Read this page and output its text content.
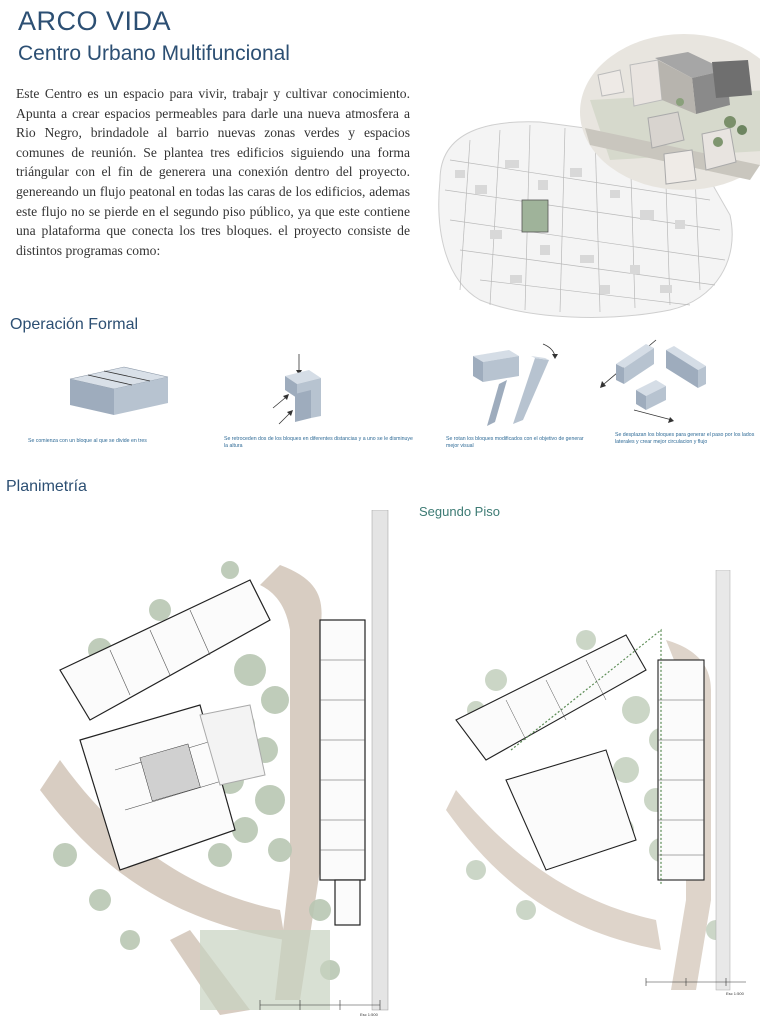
ARCO VIDA
Centro Urbano Multifuncional
Este Centro es un espacio para vivir, trabajr y cultivar conocimiento. Apunta a crear espacios permeables para darle una nueva atmosfera a Rio Negro, brindadole al barrio nuevas zonas verdes y espacios comunes de reunión. Se plantea tres edificios siguiendo una forma triángular con el fin de generera una conexión dentro del proyecto. genereando un flujo peatonal en todas las caras de los edificios, ademas este flujo no se pierde en el segundo piso público, ya que este contiene una plataforma que conecta los tres bloques. el proyecto consiste de distintos programas como:
Operación Formal
Se comienza con un bloque al que se divide en tres	Se retroceden dos de los bloques en diferentes distancias y a uno se le disminuye la altura
Se rotan los bloques modificados con el objetivo de generar mejor visual
Se desplazan los bloques para generar el paso por los lados laterales y crear mejor circulacion y flujo
Planimetría
Segundo Piso
Esc 1:500
Esc 1:500
